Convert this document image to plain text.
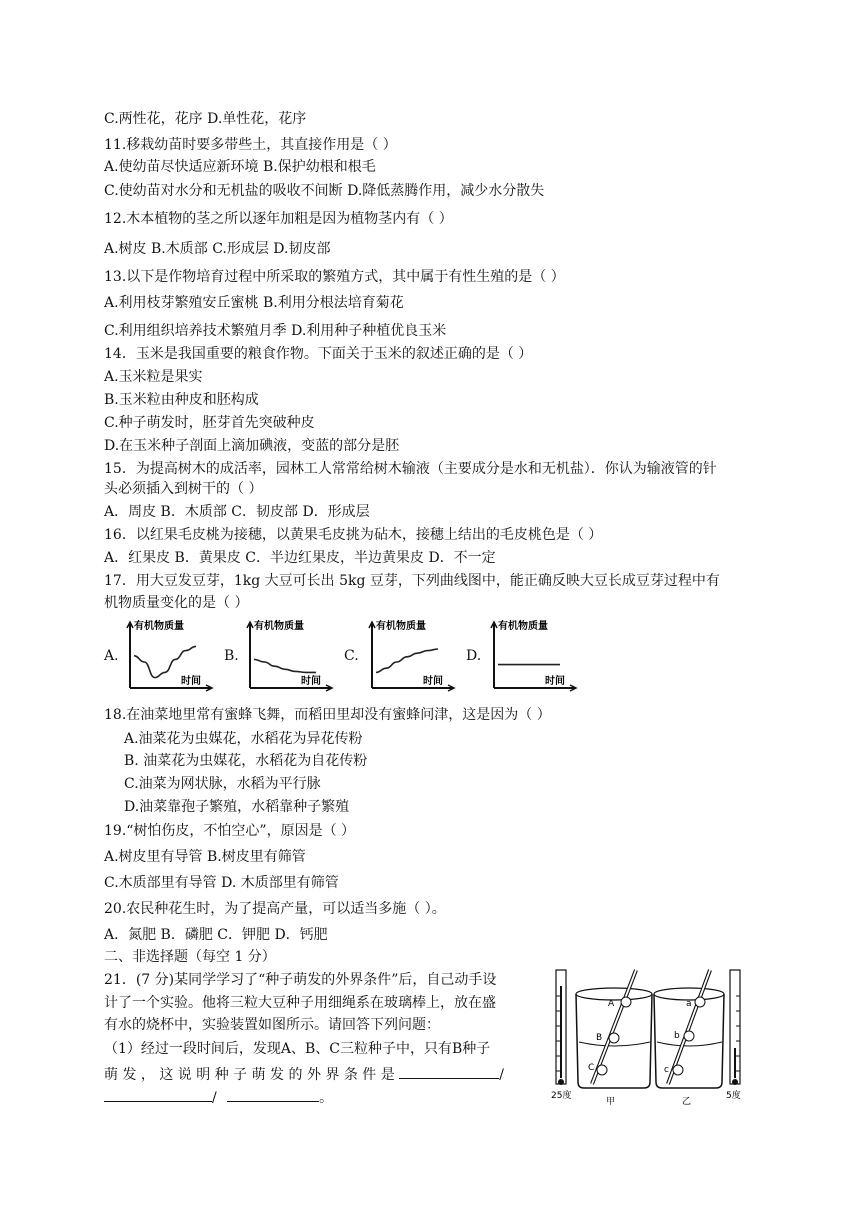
C.两性花，花序 D.单性花，花序
11.移栽幼苗时要多带些土，其直接作用是（ ）
A.使幼苗尽快适应新环境 B.保护幼根和根毛
C.使幼苗对水分和无机盐的吸收不间断 D.降低蒸腾作用，减少水分散失
12.木本植物的茎之所以逐年加粗是因为植物茎内有（ ）
A.树皮 B.木质部 C.形成层 D.韧皮部
13.以下是作物培育过程中所采取的繁殖方式，其中属于有性生殖的是（ ）
A.利用枝芽繁殖安丘蜜桃 B.利用分根法培育菊花
C.利用组织培养技术繁殖月季 D.利用种子种植优良玉米
14．玉米是我国重要的粮食作物。下面关于玉米的叙述正确的是（ ）
A.玉米粒是果实
B.玉米粒由种皮和胚构成
C.种子萌发时，胚芽首先突破种皮
D.在玉米种子剖面上滴加碘液，变蓝的部分是胚
15．为提高树木的成活率，园林工人常常给树木输液（主要成分是水和无机盐）．你认为输液管的针
头必须插入到树干的（ ）
A．周皮 B．木质部 C．韧皮部 D．形成层
16．以红果毛皮桃为接穗，以黄果毛皮挑为砧木，接穗上结出的毛皮桃色是（ ）
A．红果皮 B．黄果皮 C．半边红果皮，半边黄果皮 D．不一定
17．用大豆发豆芽，1kg 大豆可长出 5kg 豆芽，下列曲线图中，能正确反映大豆长成豆芽过程中有
机物质量变化的是（ ）
A.
有机物质量
时间
B.
有机物质量
时间
C.
有机物质量
时间
D.
有机物质量
时间
18.在油菜地里常有蜜蜂飞舞，而稻田里却没有蜜蜂问津，这是因为（ ）
A.油菜花为虫媒花，水稻花为异花传粉
B. 油菜花为虫媒花，水稻花为自花传粉
C.油菜为网状脉，水稻为平行脉
D.油菜靠孢子繁殖，水稻靠种子繁殖
19.“树怕伤皮，不怕空心”，原因是（ ）
A.树皮里有导管 B.树皮里有筛管
C.木质部里有导管 D. 木质部里有筛管
20.农民种花生时，为了提高产量，可以适当多施（ ）。
A．氮肥 B．磷肥 C．钾肥 D．钙肥
二、非选择题（每空 1 分）
21．(7 分)某同学学习了“种子萌发的外界条件”后，自己动手设
计了一个实验。他将三粒大豆种子用细绳系在玻璃棒上，放在盛
有水的烧杯中，实验装置如图所示。请回答下列问题：
（1）经过一段时间后，发现A、B、C三粒种子中，只有B种子
萌 发 ， 这 说 明 种 子 萌 发 的 外 界 条 件 是	/
/	。	25度
A
B
C
甲
a
b
c
乙
5度
